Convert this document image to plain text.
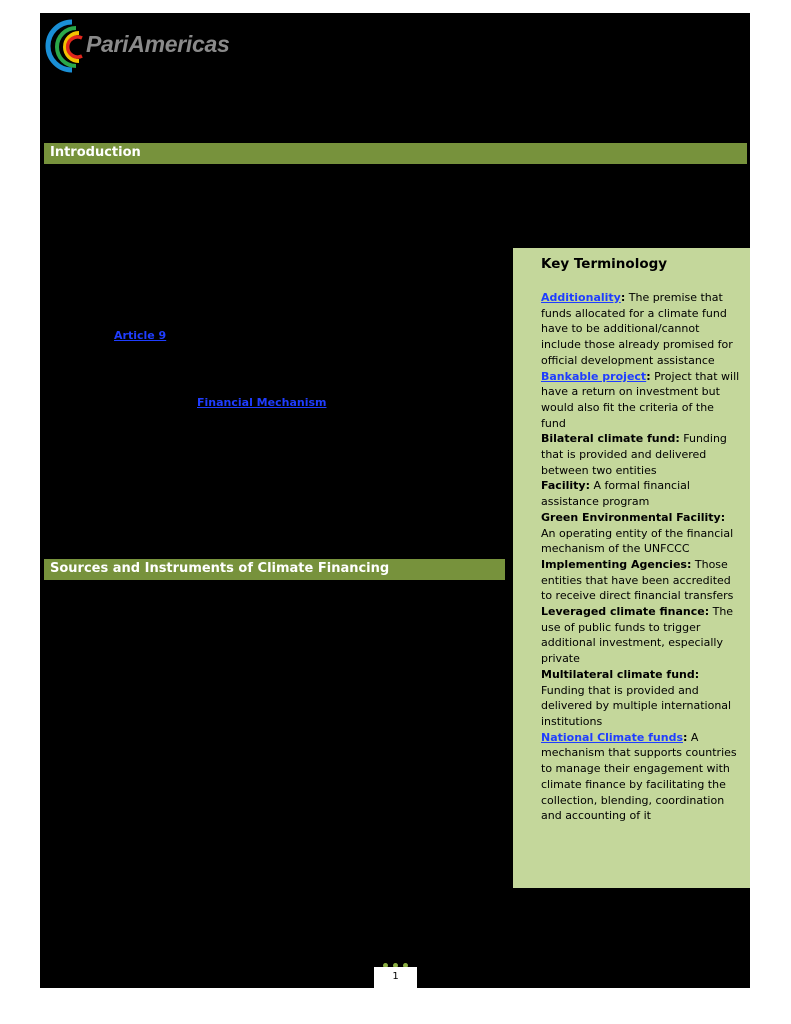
PariAmericas
Introduction
Article 9
Financial Mechanism
Sources and Instruments of Climate Financing
Key Terminology
Additionality: The premise that funds allocated for a climate fund have to be additional/cannot include those already promised for official development assistance
Bankable project: Project that will have a return on investment but would also fit the criteria of the fund
Bilateral climate fund: Funding that is provided and delivered between two entities
Facility: A formal financial assistance program
Green Environmental Facility: An operating entity of the financial mechanism of the UNFCCC
Implementing Agencies: Those entities that have been accredited to receive direct financial transfers
Leveraged climate finance: The use of public funds to trigger additional investment, especially private
Multilateral climate fund: Funding that is provided and delivered by multiple international institutions
National Climate funds: A mechanism that supports countries to manage their engagement with climate finance by facilitating the collection, blending, coordination and accounting of it
1
